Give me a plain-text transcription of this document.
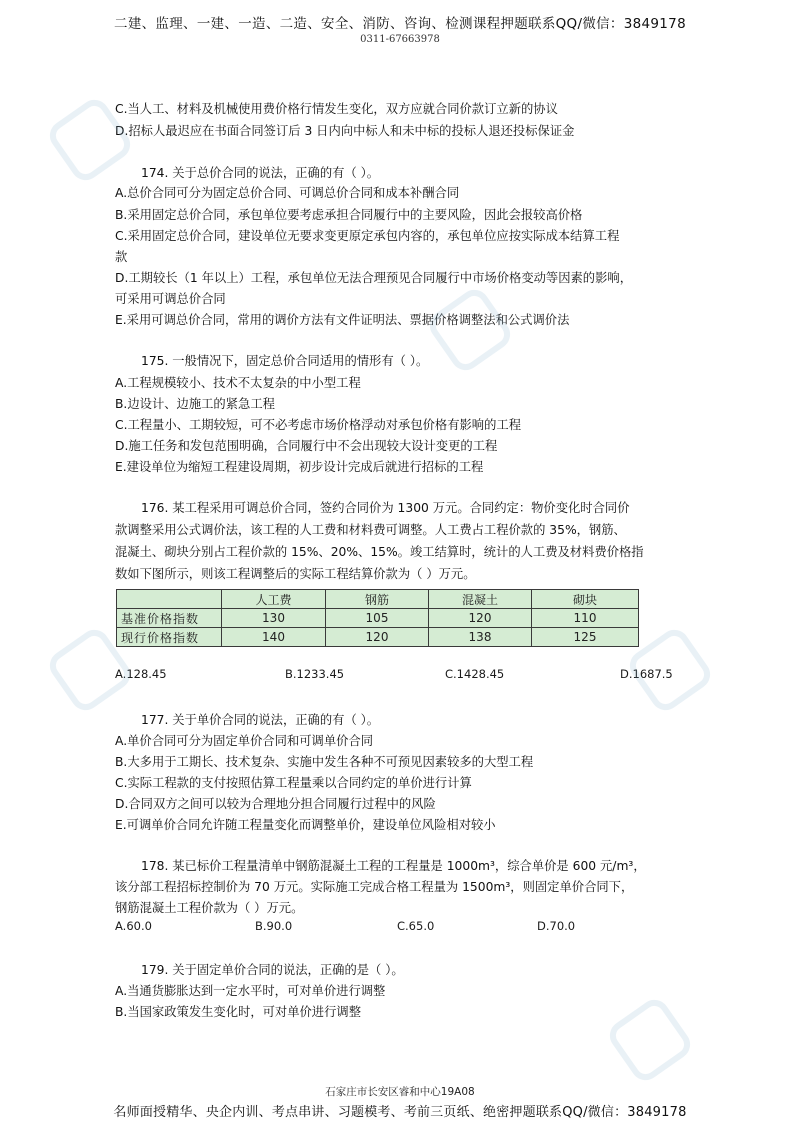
二建、监理、一建、一造、二造、安全、消防、咨询、检测课程押题联系QQ/微信：3849178
0311-67663978
C.当人工、材料及机械使用费价格行情发生变化，双方应就合同价款订立新的协议
D.招标人最迟应在书面合同签订后 3 日内向中标人和未中标的投标人退还投标保证金
174. 关于总价合同的说法，正确的有（ ）。
A.总价合同可分为固定总价合同、可调总价合同和成本补酬合同
B.采用固定总价合同，承包单位要考虑承担合同履行中的主要风险，因此会报较高价格
C.采用固定总价合同，建设单位无要求变更原定承包内容的，承包单位应按实际成本结算工程
款
D.工期较长（1 年以上）工程，承包单位无法合理预见合同履行中市场价格变动等因素的影响，
可采用可调总价合同
E.采用可调总价合同，常用的调价方法有文件证明法、票据价格调整法和公式调价法
175. 一般情况下，固定总价合同适用的情形有（ ）。
A.工程规模较小、技术不太复杂的中小型工程
B.边设计、边施工的紧急工程
C.工程量小、工期较短，可不必考虑市场价格浮动对承包价格有影响的工程
D.施工任务和发包范围明确，合同履行中不会出现较大设计变更的工程
E.建设单位为缩短工程建设周期，初步设计完成后就进行招标的工程
176. 某工程采用可调总价合同，签约合同价为 1300 万元。合同约定：物价变化时合同价
款调整采用公式调价法，该工程的人工费和材料费可调整。人工费占工程价款的 35%，钢筋、
混凝土、砌块分别占工程价款的 15%、20%、15%。竣工结算时，统计的人工费及材料费价格指
数如下图所示，则该工程调整后的实际工程结算价款为（ ）万元。
	人工费	钢筋	混凝土	砌块
基准价格指数	130	105	120	110
现行价格指数	140	120	138	125
A.128.45	B.1233.45	C.1428.45	D.1687.5
177. 关于单价合同的说法，正确的有（ ）。
A.单价合同可分为固定单价合同和可调单价合同
B.大多用于工期长、技术复杂、实施中发生各种不可预见因素较多的大型工程
C.实际工程款的支付按照估算工程量乘以合同约定的单价进行计算
D.合同双方之间可以较为合理地分担合同履行过程中的风险
E.可调单价合同允许随工程量变化而调整单价，建设单位风险相对较小
178. 某已标价工程量清单中钢筋混凝土工程的工程量是 1000m³，综合单价是 600 元/m³，
该分部工程招标控制价为 70 万元。实际施工完成合格工程量为 1500m³，则固定单价合同下，
钢筋混凝土工程价款为（ ）万元。
A.60.0	B.90.0	C.65.0	D.70.0
179. 关于固定单价合同的说法，正确的是（ ）。
A.当通货膨胀达到一定水平时，可对单价进行调整
B.当国家政策发生变化时，可对单价进行调整
石家庄市长安区睿和中心19A08
名师面授精华、央企内训、考点串讲、习题模考、考前三页纸、绝密押题联系QQ/微信：3849178
